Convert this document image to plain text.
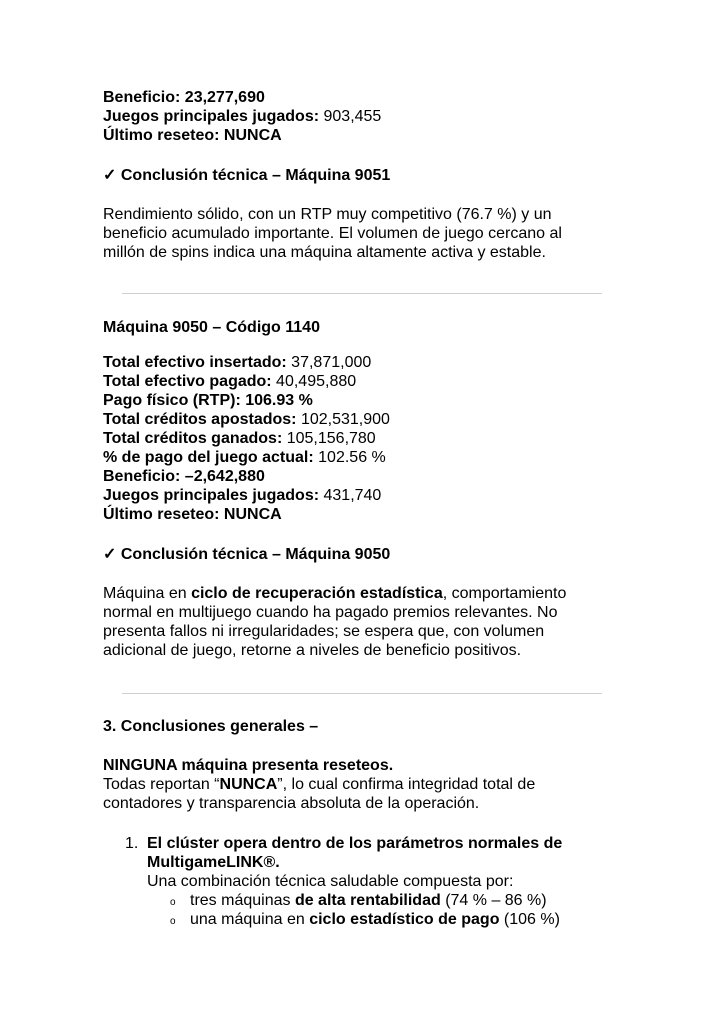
Beneficio: 23,277,690
Juegos principales jugados: 903,455
Último reseteo: NUNCA
✓ Conclusión técnica – Máquina 9051
Rendimiento sólido, con un RTP muy competitivo (76.7 %) y un
beneficio acumulado importante. El volumen de juego cercano al
millón de spins indica una máquina altamente activa y estable.
Máquina 9050 – Código 1140
Total efectivo insertado: 37,871,000
Total efectivo pagado: 40,495,880
Pago físico (RTP): 106.93 %
Total créditos apostados: 102,531,900
Total créditos ganados: 105,156,780
% de pago del juego actual: 102.56 %
Beneficio: –2,642,880
Juegos principales jugados: 431,740
Último reseteo: NUNCA
✓ Conclusión técnica – Máquina 9050
Máquina en ciclo de recuperación estadística, comportamiento
normal en multijuego cuando ha pagado premios relevantes. No
presenta fallos ni irregularidades; se espera que, con volumen
adicional de juego, retorne a niveles de beneficio positivos.
3. Conclusiones generales –
NINGUNA máquina presenta reseteos.
Todas reportan “NUNCA”, lo cual confirma integridad total de
contadores y transparencia absoluta de la operación.
1. El clúster opera dentro de los parámetros normales de
MultigameLINK®.
Una combinación técnica saludable compuesta por:
o tres máquinas de alta rentabilidad (74 % – 86 %)
o una máquina en ciclo estadístico de pago (106 %)
